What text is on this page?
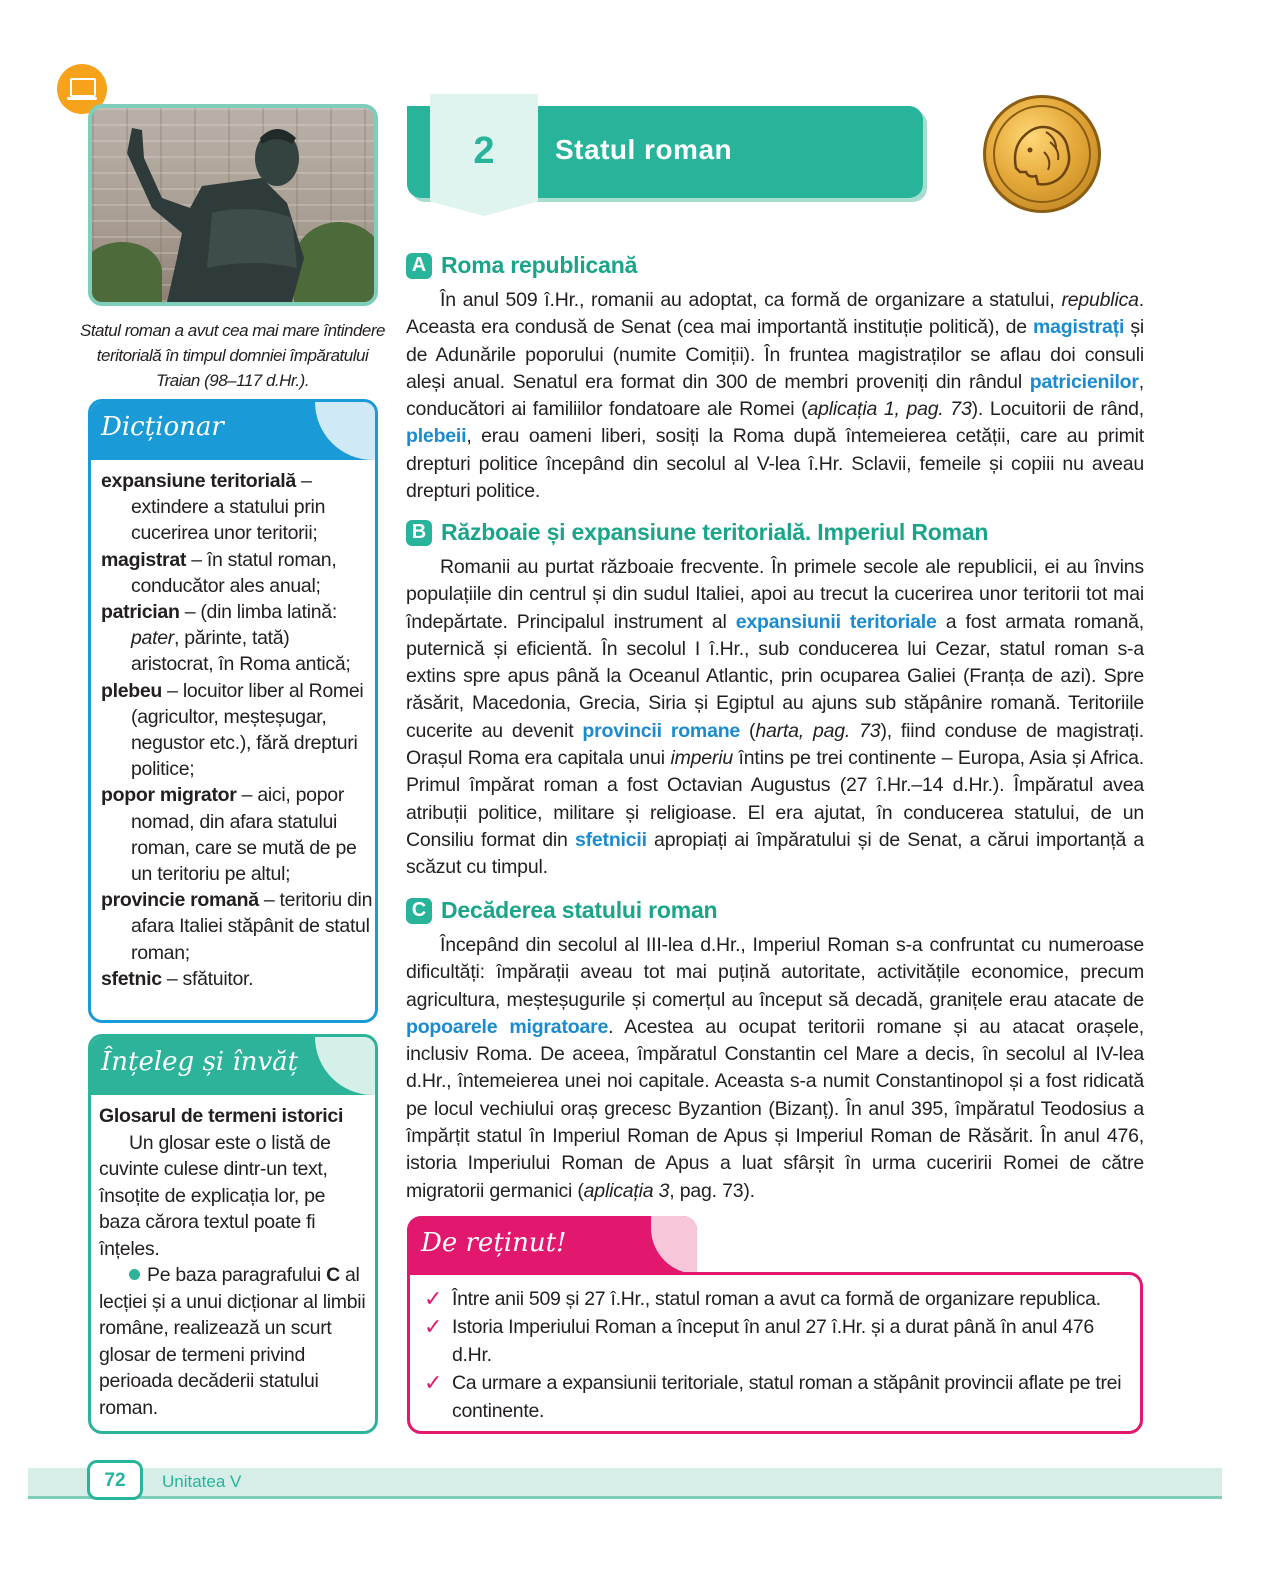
Statul roman a avut cea mai mare întindere teritorială în timpul domniei împăratului Traian (98–117 d.Hr.).
Dicționar
expansiune teritorială – extindere a statului prin cucerirea unor teritorii;
magistrat – în statul roman, conducător ales anual;
patrician – (din limba latină: pater, părinte, tată) aristocrat, în Roma antică;
plebeu – locuitor liber al Romei (agricultor, meșteșugar, negustor etc.), fără drepturi politice;
popor migrator – aici, popor nomad, din afara statului roman, care se mută de pe un teritoriu pe altul;
provincie romană – teritoriu din afara Italiei stăpânit de statul roman;
sfetnic – sfătuitor.
Înțeleg și învăț
Glosarul de termeni istorici
Un glosar este o listă de cuvinte culese dintr-un text, însoțite de explicația lor, pe baza cărora textul poate fi înțeles.
Pe baza paragrafului C al lecției și a unui dicționar al limbii române, realizează un scurt glosar de termeni privind perioada decăderii statului roman.
2	Statul roman
A Roma republicană

În anul 509 î.Hr., romanii au adoptat, ca formă de organizare a statului, republica. Aceasta era condusă de Senat (cea mai importantă instituție politică), de magistrați și de Adunările poporului (numite Comiții). În fruntea magistraților se aflau doi consuli aleși anual. Senatul era format din 300 de membri proveniți din rândul patricienilor, conducători ai familiilor fondatoare ale Romei (aplicația 1, pag. 73). Locuitorii de rând, plebeii, erau oameni liberi, sosiți la Roma după întemeierea cetății, care au primit drepturi politice începând din secolul al V-lea î.Hr. Sclavii, femeile și copiii nu aveau drepturi politice.

B Războaie și expansiune teritorială. Imperiul Roman

Romanii au purtat războaie frecvente. În primele secole ale republicii, ei au învins populațiile din centrul și din sudul Italiei, apoi au trecut la cucerirea unor teritorii tot mai îndepărtate. Principalul instrument al expansiunii teritoriale a fost armata romană, puternică și eficientă. În secolul I î.Hr., sub conducerea lui Cezar, statul roman s-a extins spre apus până la Oceanul Atlantic, prin ocuparea Galiei (Franța de azi). Spre răsărit, Macedonia, Grecia, Siria și Egiptul au ajuns sub stăpânire romană. Teritoriile cucerite au devenit provincii romane (harta, pag. 73), fiind conduse de magistrați. Orașul Roma era capitala unui imperiu întins pe trei continente – Europa, Asia și Africa. Primul împărat roman a fost Octavian Augustus (27 î.Hr.–14 d.Hr.). Împăratul avea atribuții politice, militare și religioase. El era ajutat, în conducerea statului, de un Consiliu format din sfetnicii apropiați ai împăratului și de Senat, a cărui importanță a scăzut cu timpul.

C Decăderea statului roman

Începând din secolul al III-lea d.Hr., Imperiul Roman s-a confruntat cu numeroase dificultăți: împărații aveau tot mai puțină autoritate, activitățile economice, precum agricultura, meșteșugurile și comerțul au început să decadă, granițele erau atacate de popoarele migratoare. Acestea au ocupat teritorii romane și au atacat orașele, inclusiv Roma. De aceea, împăratul Constantin cel Mare a decis, în secolul al IV-lea d.Hr., întemeierea unei noi capitale. Aceasta s-a numit Constantinopol și a fost ridicată pe locul vechiului oraș grecesc Byzantion (Bizanț). În anul 395, împăratul Teodosius a împărțit statul în Imperiul Roman de Apus și Imperiul Roman de Răsărit. În anul 476, istoria Imperiului Roman de Apus a luat sfârșit în urma cuceririi Romei de către migratorii germanici (aplicația 3, pag. 73).

De reținut!
✓ Între anii 509 și 27 î.Hr., statul roman a avut ca formă de organizare republica.
✓ Istoria Imperiului Roman a început în anul 27 î.Hr. și a durat până în anul 476 d.Hr.
✓ Ca urmare a expansiunii teritoriale, statul roman a stăpânit provincii aflate pe trei continente.
72	Unitatea V
